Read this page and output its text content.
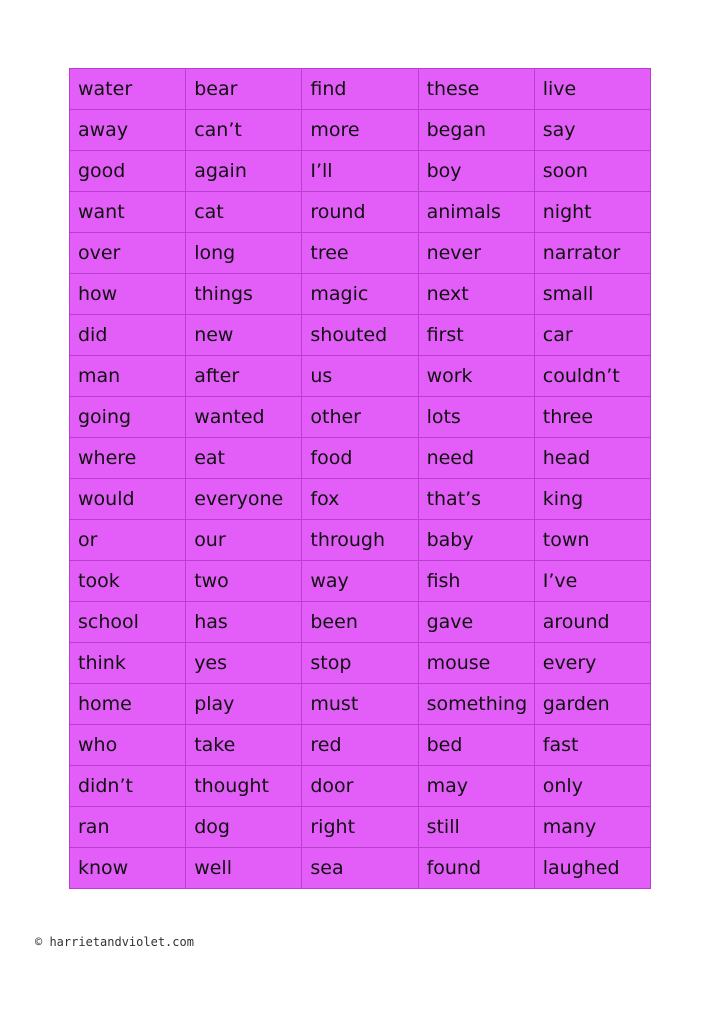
water	bear	find	these	live
away	can’t	more	began	say
good	again	I’ll	boy	soon
want	cat	round	animals	night
over	long	tree	never	narrator
how	things	magic	next	small
did	new	shouted	first	car
man	after	us	work	couldn’t
going	wanted	other	lots	three
where	eat	food	need	head
would	everyone	fox	that’s	king
or	our	through	baby	town
took	two	way	fish	I’ve
school	has	been	gave	around
think	yes	stop	mouse	every
home	play	must	something	garden
who	take	red	bed	fast
didn’t	thought	door	may	only
ran	dog	right	still	many
know	well	sea	found	laughed
© harrietandviolet.com
